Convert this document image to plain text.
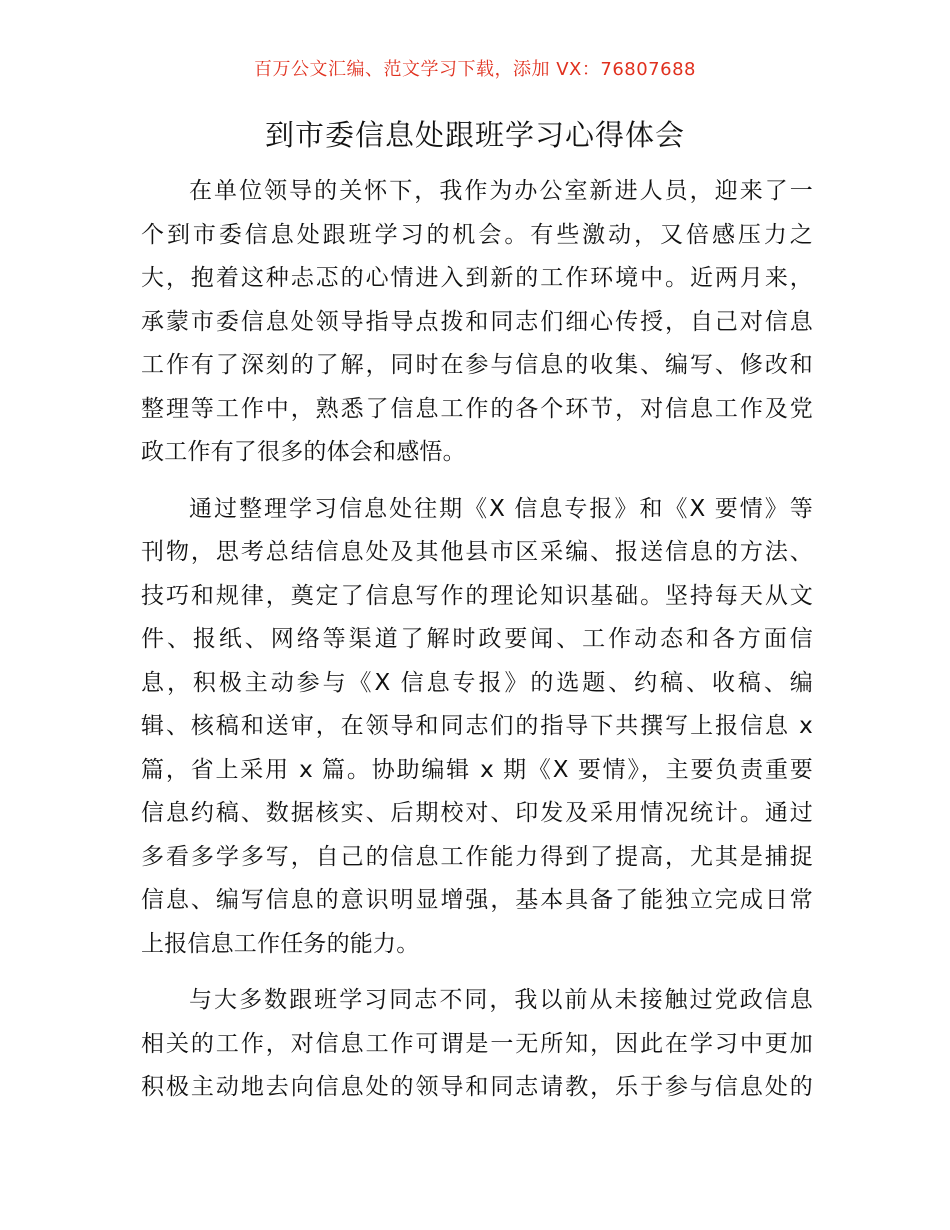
百万公文汇编、范文学习下载，添加 VX：76807688
到市委信息处跟班学习心得体会
在单位领导的关怀下，我作为办公室新进人员，迎来了一
个到市委信息处跟班学习的机会。有些激动，又倍感压力之
大，抱着这种忐忑的心情进入到新的工作环境中。近两月来，
承蒙市委信息处领导指导点拨和同志们细心传授，自己对信息
工作有了深刻的了解，同时在参与信息的收集、编写、修改和
整理等工作中，熟悉了信息工作的各个环节，对信息工作及党
政工作有了很多的体会和感悟。
通过整理学习信息处往期《X 信息专报》和《X 要情》等
刊物，思考总结信息处及其他县市区采编、报送信息的方法、
技巧和规律，奠定了信息写作的理论知识基础。坚持每天从文
件、报纸、网络等渠道了解时政要闻、工作动态和各方面信
息，积极主动参与《X 信息专报》的选题、约稿、收稿、编
辑、核稿和送审，在领导和同志们的指导下共撰写上报信息 x
篇，省上采用 x 篇。协助编辑 x 期《X 要情》，主要负责重要
信息约稿、数据核实、后期校对、印发及采用情况统计。通过
多看多学多写，自己的信息工作能力得到了提高，尤其是捕捉
信息、编写信息的意识明显增强，基本具备了能独立完成日常
上报信息工作任务的能力。
与大多数跟班学习同志不同，我以前从未接触过党政信息
相关的工作，对信息工作可谓是一无所知，因此在学习中更加
积极主动地去向信息处的领导和同志请教，乐于参与信息处的
